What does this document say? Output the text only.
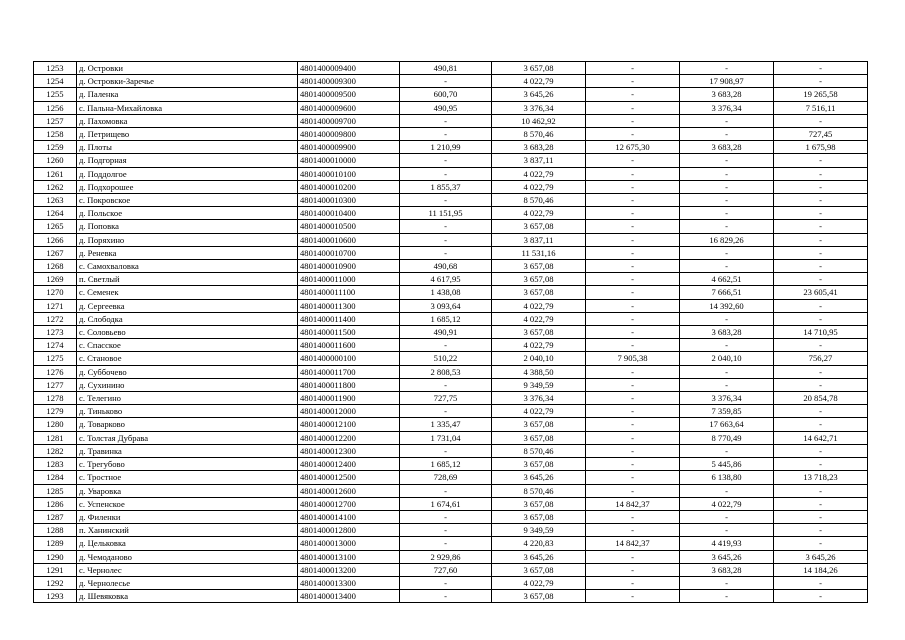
1253	д. Островки	4801400009400	490,81	3 657,08	-	-	-
1254	д. Островки-Заречье	4801400009300	-	4 022,79	-	17 908,97	-
1255	д. Паленка	4801400009500	600,70	3 645,26	-	3 683,28	19 265,58
1256	с. Пальна-Михайловка	4801400009600	490,95	3 376,34	-	3 376,34	7 516,11
1257	д. Пахомовка	4801400009700	-	10 462,92	-	-	-
1258	д. Петрищево	4801400009800	-	8 570,46	-	-	727,45
1259	д. Плоты	4801400009900	1 210,99	3 683,28	12 675,30	3 683,28	1 675,98
1260	д. Подгорная	4801400010000	-	3 837,11	-	-	-
1261	д. Поддолгое	4801400010100	-	4 022,79	-	-	-
1262	д. Подхорошее	4801400010200	1 855,37	4 022,79	-	-	-
1263	с. Покровское	4801400010300	-	8 570,46	-	-	-
1264	д. Польское	4801400010400	11 151,95	4 022,79	-	-	-
1265	д. Поповка	4801400010500	-	3 657,08	-	-	-
1266	д. Поряхино	4801400010600	-	3 837,11	-	16 829,26	-
1267	д. Реневка	4801400010700	-	11 531,16	-	-	-
1268	с. Самохваловка	4801400010900	490,68	3 657,08	-	-	-
1269	п. Светлый	4801400011000	4 617,95	3 657,08	-	4 662,51	-
1270	с. Семенек	4801400011100	1 438,08	3 657,08	-	7 666,51	23 605,41
1271	д. Сергеевка	4801400011300	3 093,64	4 022,79	-	14 392,60	-
1272	д. Слободка	4801400011400	1 685,12	4 022,79	-	-	-
1273	с. Соловьево	4801400011500	490,91	3 657,08	-	3 683,28	14 710,95
1274	с. Спасское	4801400011600	-	4 022,79	-	-	-
1275	с. Становое	4801400000100	510,22	2 040,10	7 905,38	2 040,10	756,27
1276	д. Суббочево	4801400011700	2 808,53	4 388,50	-	-	-
1277	д. Сухининo	4801400011800	-	9 349,59	-	-	-
1278	с. Телегино	4801400011900	727,75	3 376,34	-	3 376,34	20 854,78
1279	д. Тиньково	4801400012000	-	4 022,79	-	7 359,85	-
1280	д. Товарково	4801400012100	1 335,47	3 657,08	-	17 663,64	-
1281	с. Толстая Дубрава	4801400012200	1 731,04	3 657,08	-	8 770,49	14 642,71
1282	д. Травинка	4801400012300	-	8 570,46	-	-	-
1283	с. Трегубово	4801400012400	1 685,12	3 657,08	-	5 445,86	-
1284	с. Тростное	4801400012500	728,69	3 645,26	-	6 138,80	13 718,23
1285	д. Уваровка	4801400012600	-	8 570,46	-	-	-
1286	с. Успенское	4801400012700	1 674,61	3 657,08	14 842,37	4 022,79	-
1287	д. Филенки	4801400014100	-	3 657,08	-	-	-
1288	п. Ханинский	4801400012800	-	9 349,59	-	-	-
1289	д. Цельковка	4801400013000	-	4 220,83	14 842,37	4 419,93	-
1290	д. Чемоданово	4801400013100	2 929,86	3 645,26	-	3 645,26	3 645,26
1291	с. Чернолес	4801400013200	727,60	3 657,08	-	3 683,28	14 184,26
1292	д. Чернолесье	4801400013300	-	4 022,79	-	-	-
1293	д. Шевяковка	4801400013400	-	3 657,08	-	-	-
